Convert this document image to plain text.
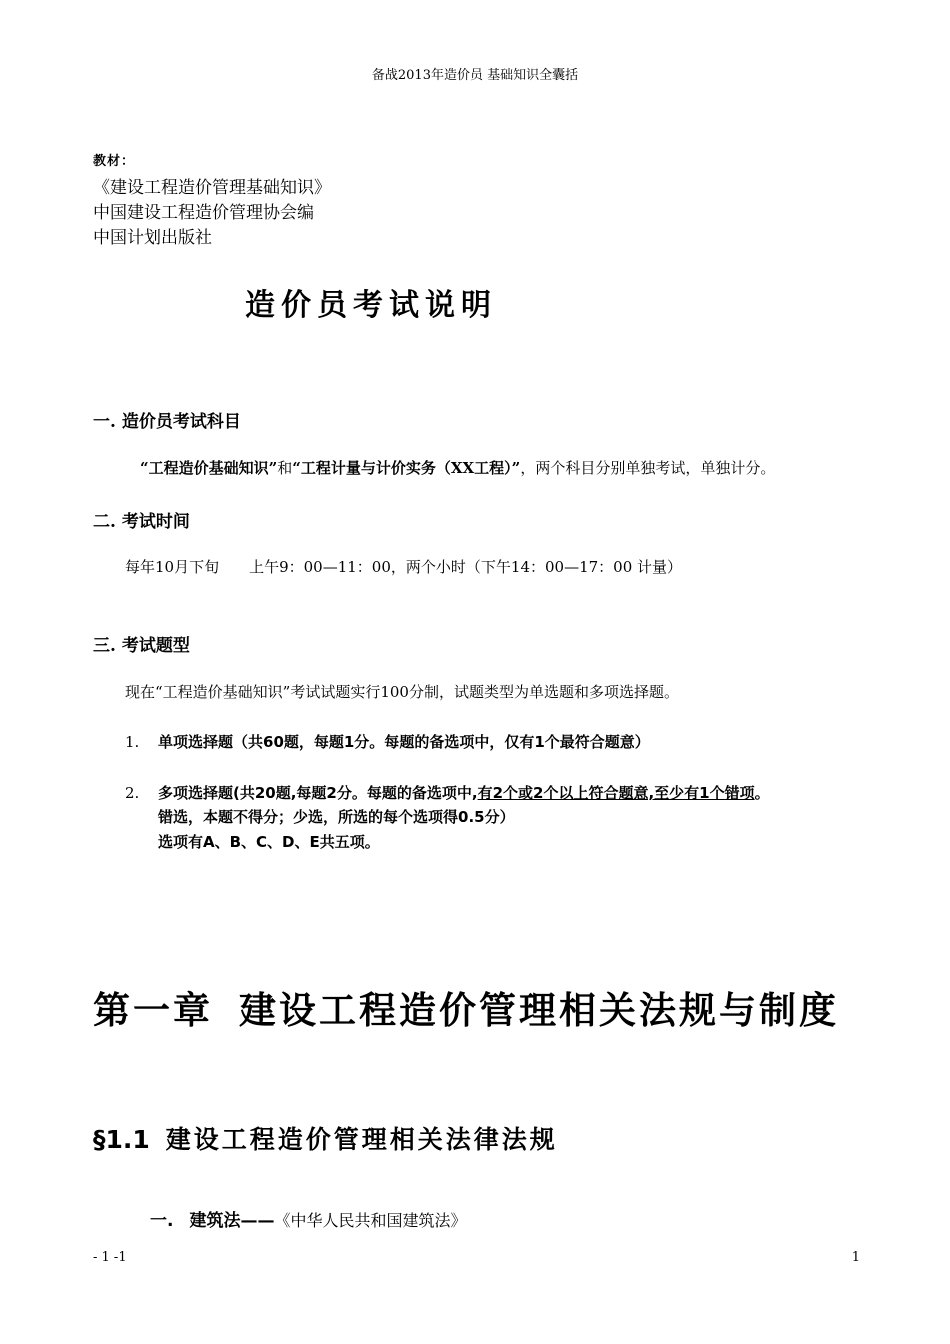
备战2013年造价员 基础知识全囊括
教材：
《建设工程造价管理基础知识》
中国建设工程造价管理协会编
中国计划出版社
造价员考试说明
一. 造价员考试科目
“工程造价基础知识”和“工程计量与计价实务（XX工程）”，两个科目分别单独考试，单独计分。
二. 考试时间
每年10月下旬 上午9：00—11：00，两个小时（下午14：00—17：00 计量）
三. 考试题型
现在“工程造价基础知识”考试试题实行100分制，试题类型为单选题和多项选择题。
1. 单项选择题（共60题，每题1分。每题的备选项中，仅有1个最符合题意）
2. 多项选择题(共20题,每题2分。每题的备选项中,有2个或2个以上符合题意,至少有1个错项。
错选，本题不得分；少选，所选的每个选项得0.5分）
选项有A、B、C、D、E共五项。
第一章 建设工程造价管理相关法规与制度
§1.1 建设工程造价管理相关法律法规
一. 建筑法——《中华人民共和国建筑法》
- 1 -1	1
